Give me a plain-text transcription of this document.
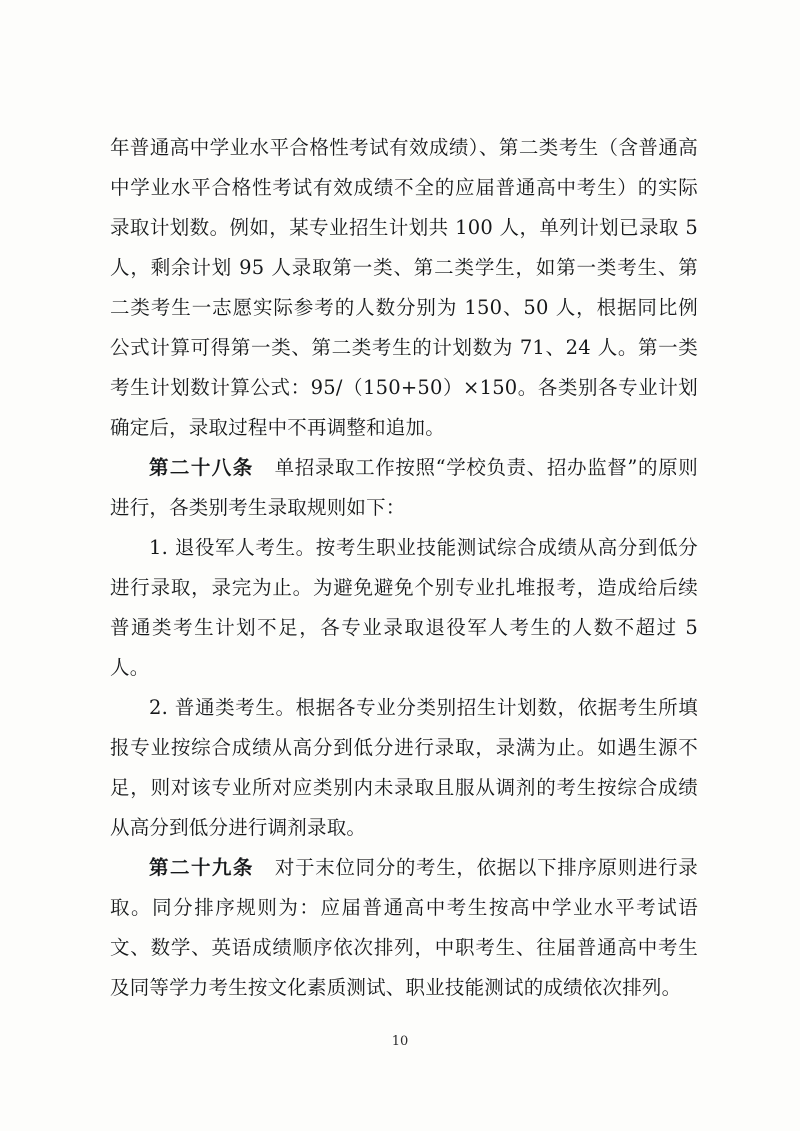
年普通高中学业水平合格性考试有效成绩）、第二类考生（含普通高中学业水平合格性考试有效成绩不全的应届普通高中考生）的实际录取计划数。例如，某专业招生计划共 100 人，单列计划已录取 5 人，剩余计划 95 人录取第一类、第二类学生，如第一类考生、第二类考生一志愿实际参考的人数分别为 150、50 人，根据同比例公式计算可得第一类、第二类考生的计划数为 71、24 人。第一类考生计划数计算公式：95/（150+50）×150。各类别各专业计划确定后，录取过程中不再调整和追加。

第二十八条 单招录取工作按照“学校负责、招办监督”的原则进行，各类别考生录取规则如下：

1. 退役军人考生。按考生职业技能测试综合成绩从高分到低分进行录取，录完为止。为避免避免个别专业扎堆报考，造成给后续普通类考生计划不足，各专业录取退役军人考生的人数不超过 5 人。

2. 普通类考生。根据各专业分类别招生计划数，依据考生所填报专业按综合成绩从高分到低分进行录取，录满为止。如遇生源不足，则对该专业所对应类别内未录取且服从调剂的考生按综合成绩从高分到低分进行调剂录取。

第二十九条 对于末位同分的考生，依据以下排序原则进行录取。同分排序规则为：应届普通高中考生按高中学业水平考试语文、数学、英语成绩顺序依次排列，中职考生、往届普通高中考生及同等学力考生按文化素质测试、职业技能测试的成绩依次排列。

10
